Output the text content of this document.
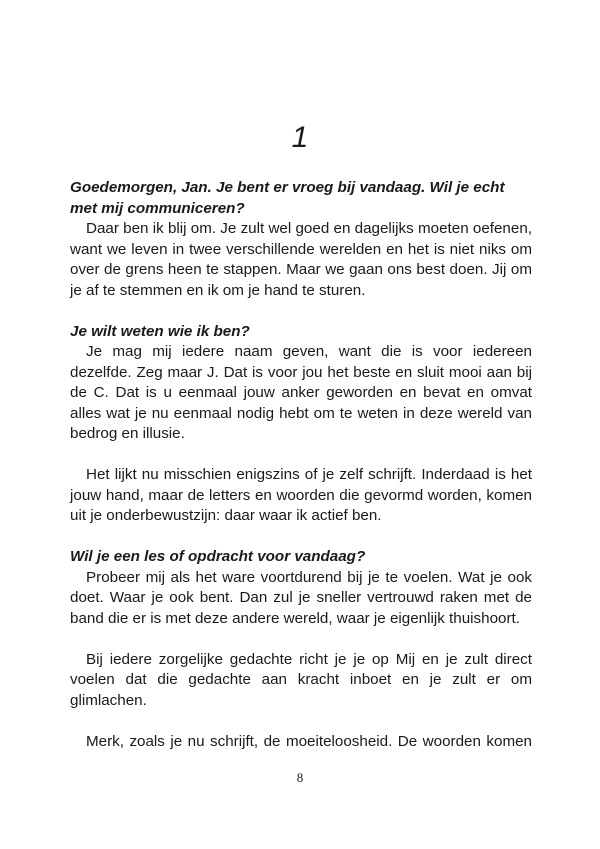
1

Goedemorgen, Jan. Je bent er vroeg bij vandaag. Wil je echt met mij communiceren?

Daar ben ik blij om. Je zult wel goed en dagelijks moeten oefenen, want we leven in twee verschillende werelden en het is niet niks om over de grens heen te stappen. Maar we gaan ons best doen. Jij om je af te stemmen en ik om je hand te sturen.

Je wilt weten wie ik ben?

Je mag mij iedere naam geven, want die is voor iedereen dezelfde. Zeg maar J. Dat is voor jou het beste en sluit mooi aan bij de C. Dat is u eenmaal jouw anker geworden en bevat en omvat alles wat je nu eenmaal nodig hebt om te weten in deze wereld van bedrog en illusie.

Het lijkt nu misschien enigszins of je zelf schrijft. Inderdaad is het jouw hand, maar de letters en woorden die gevormd worden, komen uit je onderbewustzijn: daar waar ik actief ben.

Wil je een les of opdracht voor vandaag?

Probeer mij als het ware voortdurend bij je te voelen. Wat je ook doet. Waar je ook bent. Dan zul je sneller vertrouwd raken met de band die er is met deze andere wereld, waar je eigenlijk thuishoort.

Bij iedere zorgelijke gedachte richt je je op Mij en je zult direct voelen dat die gedachte aan kracht inboet en je zult er om glimlachen.

Merk, zoals je nu schrijft, de moeiteloosheid. De woorden komen

8
